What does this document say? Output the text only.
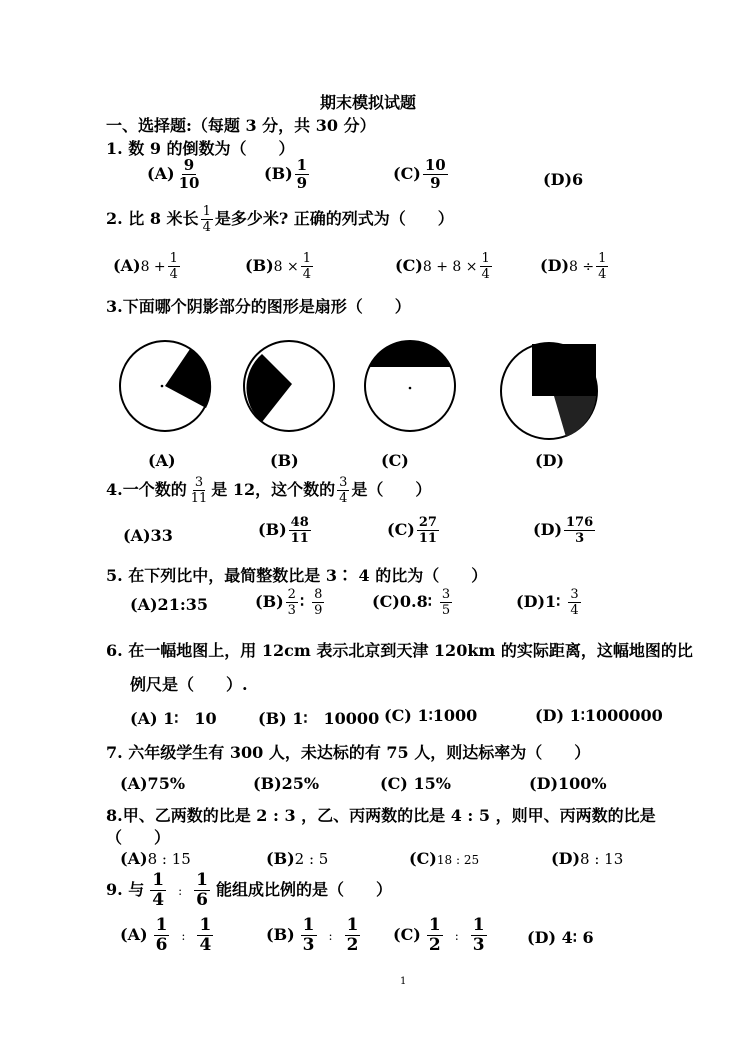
期末模拟试题
一、选择题:（每题 3 分，共 30 分）
1. 数 9 的倒数为（　　）
$(A) \frac{9}{10}$	$(B) \frac{1}{9}$	$(C) \frac{10}{9}$	(D)6
2. 比 8 米长 $\frac{1}{4}$ 是多少米? 正确的列式为（　　）
$(A)8 + \frac{1}{4}$	$(B)8 \times \frac{1}{4}$	$(C)8 + 8 \times \frac{1}{4}$	$(D)8 \div \frac{1}{4}$
3.下面哪个阴影部分的图形是扇形（　　）
(A)	(B)	(C)	(D)
4.一个数的 $\frac{3}{11}$ 是 12，这个数的 $\frac{3}{4}$ 是（　　）
(A)33	$(B) \frac{48}{11}$	$(C) \frac{27}{11}$	$(D) \frac{176}{3}$
5. 在下列比中，最简整数比是 3∶ 4 的比为（　　）
(A)21:35	$(B) \frac{2}{3}$ ∶ $\frac{8}{9}$	(C)0.8∶ $\frac{3}{5}$	(D)1∶ $\frac{3}{4}$
6. 在一幅地图上，用 12cm 表示北京到天津 120km 的实际距离，这幅地图的比
例尺是（　　）.
(A) 1∶　10	(B) 1∶　10000 (C) 1∶1000	(D) 1∶1000000
7. 六年级学生有 300 人，未达标的有 75 人，则达标率为（　　）
(A)75%	(B)25%	(C) 15%	(D)100%
8.甲、乙两数的比是 2 : 3 ，乙、丙两数的比是 4 : 5 ，则甲、丙两数的比是
（　　）
(A)8 : 15	(B)2 : 5	(C)18 : 25	(D)8 : 13
9. 与 $\frac{1}{4}$ : $\frac{1}{6}$ 能组成比例的是（　　）
$(A) \frac{1}{6}$ : $\frac{1}{4}$	$(B) \frac{1}{3}$ : $\frac{1}{2} (C) \frac{1}{2}$ : $\frac{1}{3}$	(D) 4∶ 6
1
